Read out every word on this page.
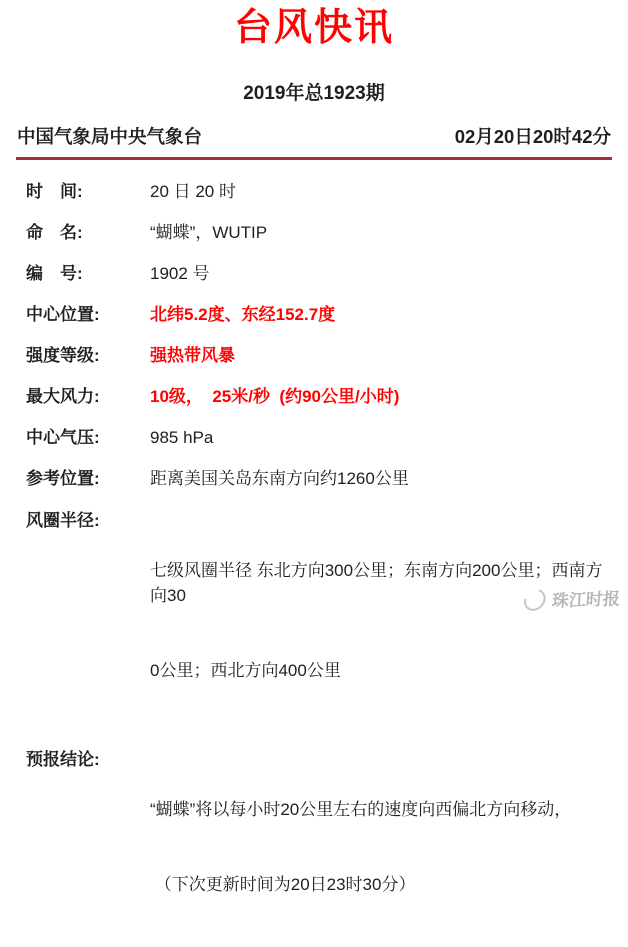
台风快讯
2019年总1923期
中国气象局中央气象台	02月20日20时42分
时　间:	20 日 20 时
命　名:	“蝴蝶”，WUTIP
编　号:	1902 号
中心位置:	北纬5.2度、东经152.7度
强度等级:	强热带风暴
最大风力:	10级，  25米/秒  (约90公里/小时)
中心气压:	985 hPa
参考位置:	距离美国关岛东南方向约1260公里
风圈半径:

七级风圈半径 东北方向300公里；东南方向200公里；西南方向30

0公里；西北方向400公里

预报结论:

“蝴蝶”将以每小时20公里左右的速度向西偏北方向移动，

（下次更新时间为20日23时30分）

珠江时报
